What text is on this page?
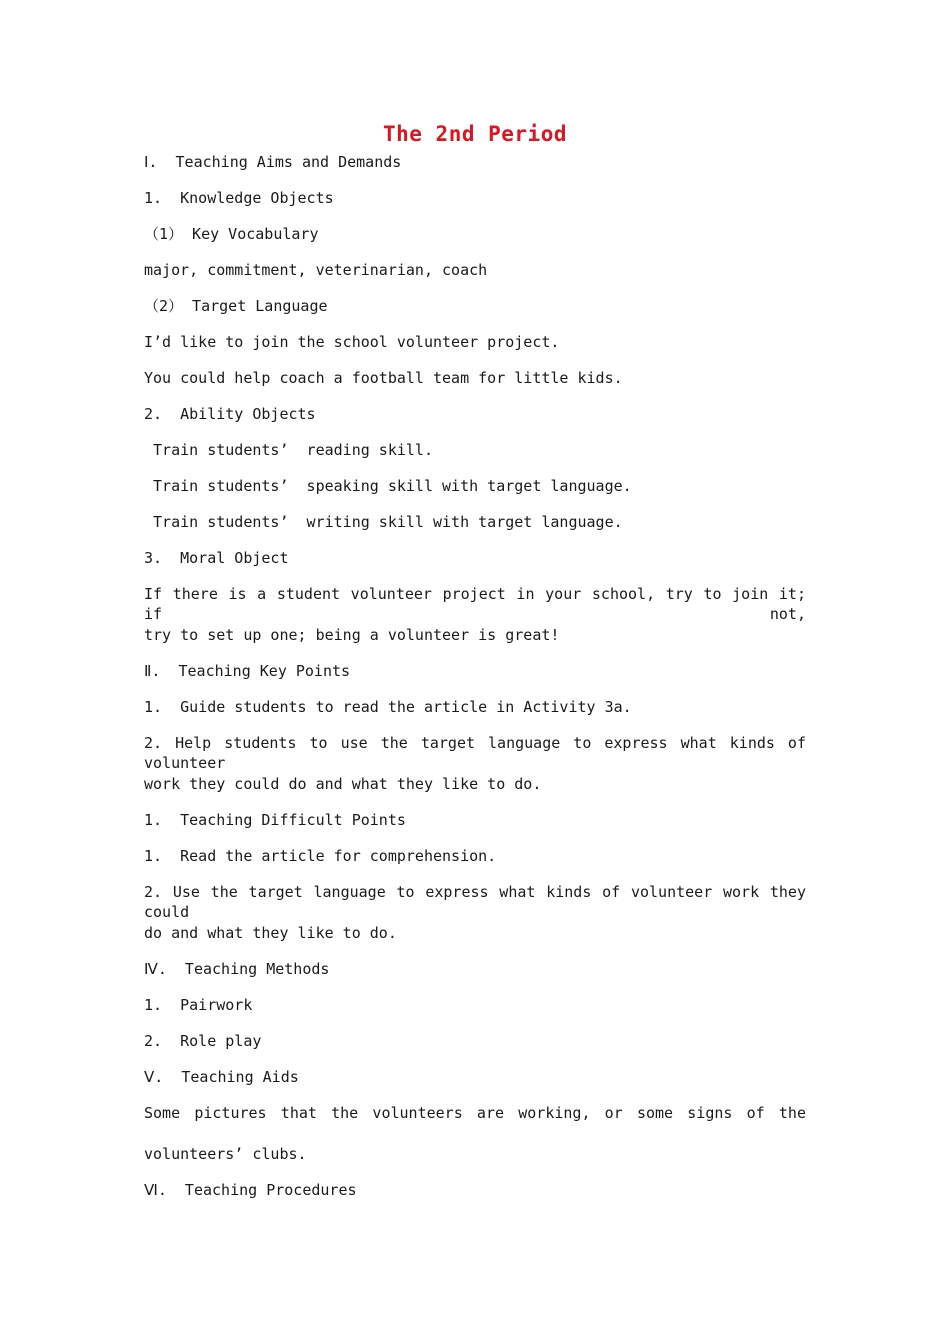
The 2nd Period
Ⅰ.  Teaching Aims and Demands
1.  Knowledge Objects
（1） Key Vocabulary
major, commitment, veterinarian, coach
（2） Target Language
I’d like to join the school volunteer project.
You could help coach a football team for little kids.
2.  Ability Objects
Train students’  reading skill.
Train students’  speaking skill with target language.
Train students’  writing skill with target language.
3.  Moral Object
If there is a student volunteer project in your school, try to join it; if not,
try to set up one; being a volunteer is great!
Ⅱ.  Teaching Key Points
1.  Guide students to read the article in Activity 3a.
2. Help students to use the target language to express what kinds of volunteer
work they could do and what they like to do.
1.  Teaching Difficult Points
1.  Read the article for comprehension.
2. Use the target language to express what kinds of volunteer work they could
do and what they like to do.
Ⅳ.  Teaching Methods
1.  Pairwork
2.  Role play
Ⅴ.  Teaching Aids
Some pictures that the volunteers are working, or some signs of the
volunteers’ clubs.
Ⅵ.  Teaching Procedures
